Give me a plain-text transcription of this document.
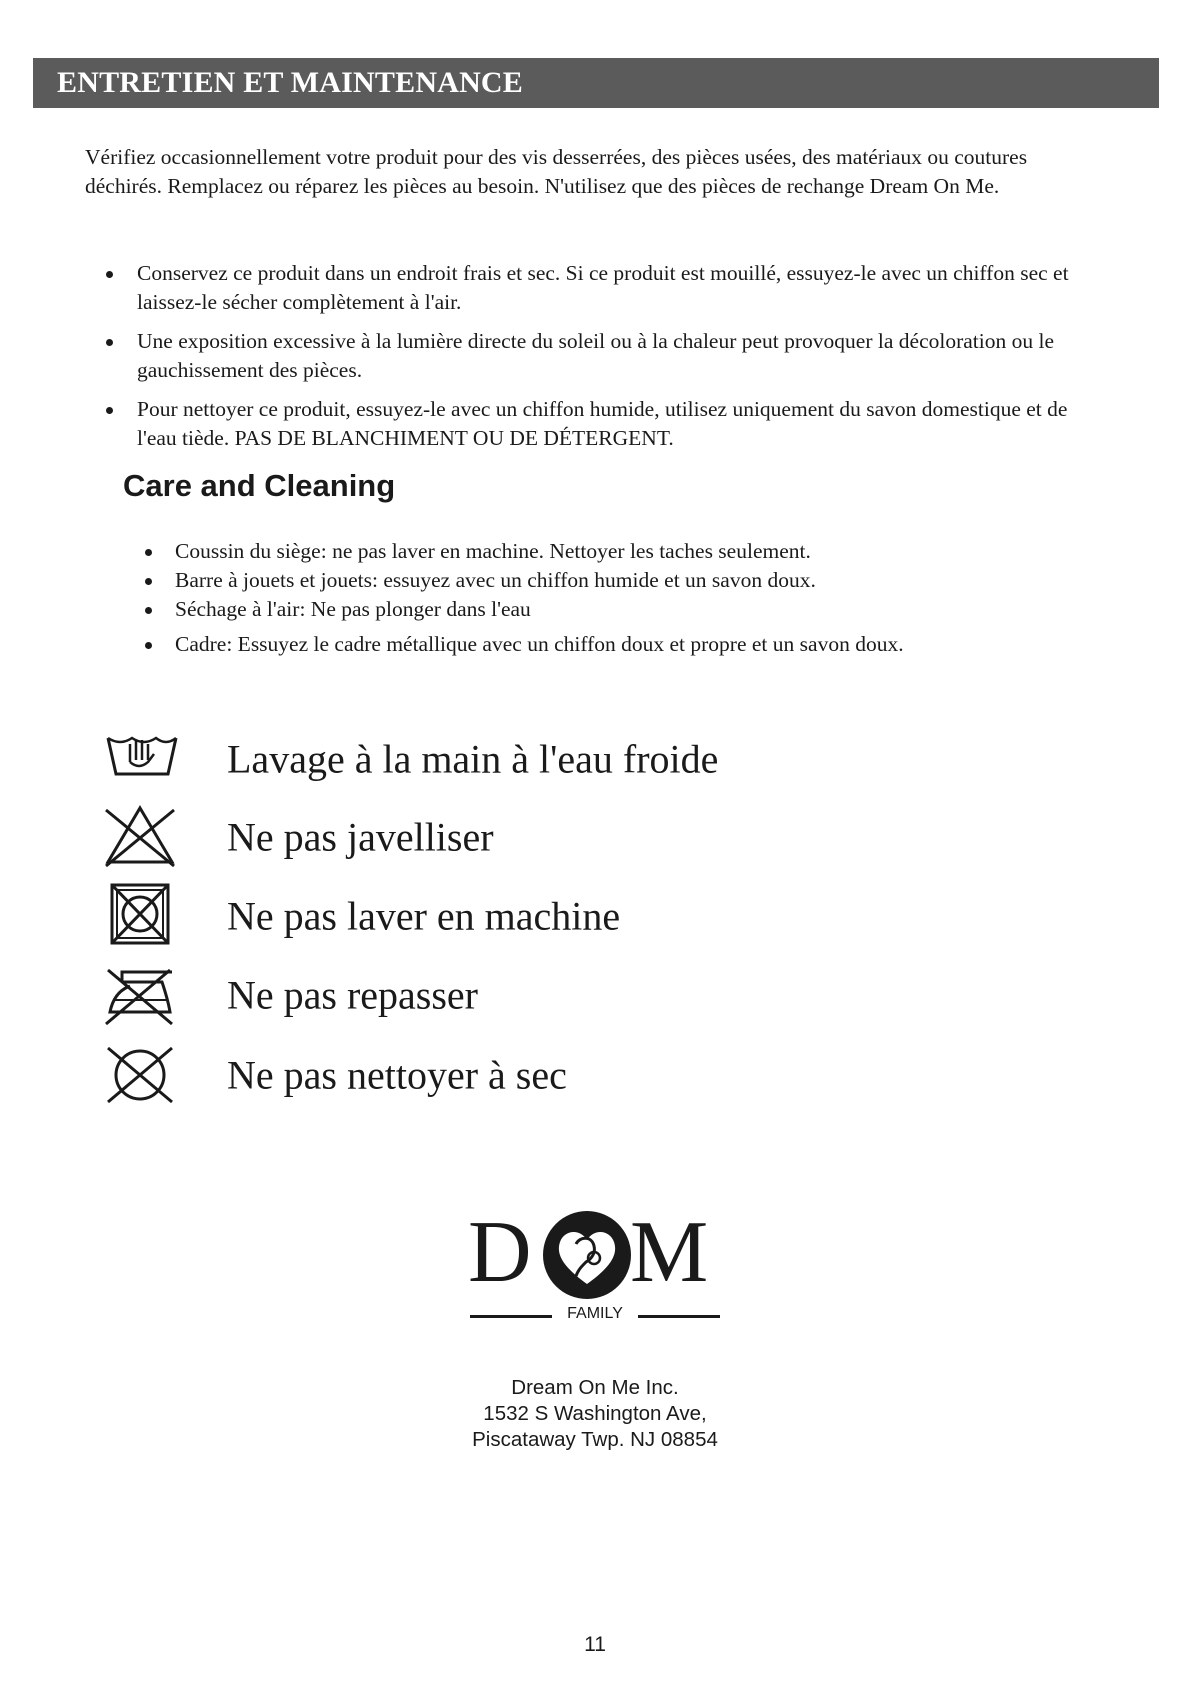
ENTRETIEN ET MAINTENANCE

Vérifiez occasionnellement votre produit pour des vis desserrées, des pièces usées, des matériaux ou coutures déchirés. Remplacez ou réparez les pièces au besoin. N'utilisez que des pièces de rechange Dream On Me.

Conservez ce produit dans un endroit frais et sec. Si ce produit est mouillé, essuyez-le avec un chiffon sec et laissez-le sécher complètement à l'air.
Une exposition excessive à la lumière directe du soleil ou à la chaleur peut provoquer la décoloration ou le gauchissement des pièces.
Pour nettoyer ce produit, essuyez-le avec un chiffon humide, utilisez uniquement du savon domestique et de l'eau tiède. PAS DE BLANCHIMENT OU DE DÉTERGENT.
Care and Cleaning
Coussin du siège: ne pas laver en machine. Nettoyer les taches seulement.
Barre à jouets et jouets: essuyez avec un chiffon humide et un savon doux.
Séchage à l'air: Ne pas plonger dans l'eau
Cadre: Essuyez le cadre métallique avec un chiffon doux et propre et un savon doux.
Lavage à la main à l'eau froide
Ne pas javelliser
Ne pas laver en machine
Ne pas repasser
Ne pas nettoyer à sec
D M
FAMILY
Dream On Me Inc.
1532 S Washington Ave,
Piscataway Twp. NJ 08854
11
